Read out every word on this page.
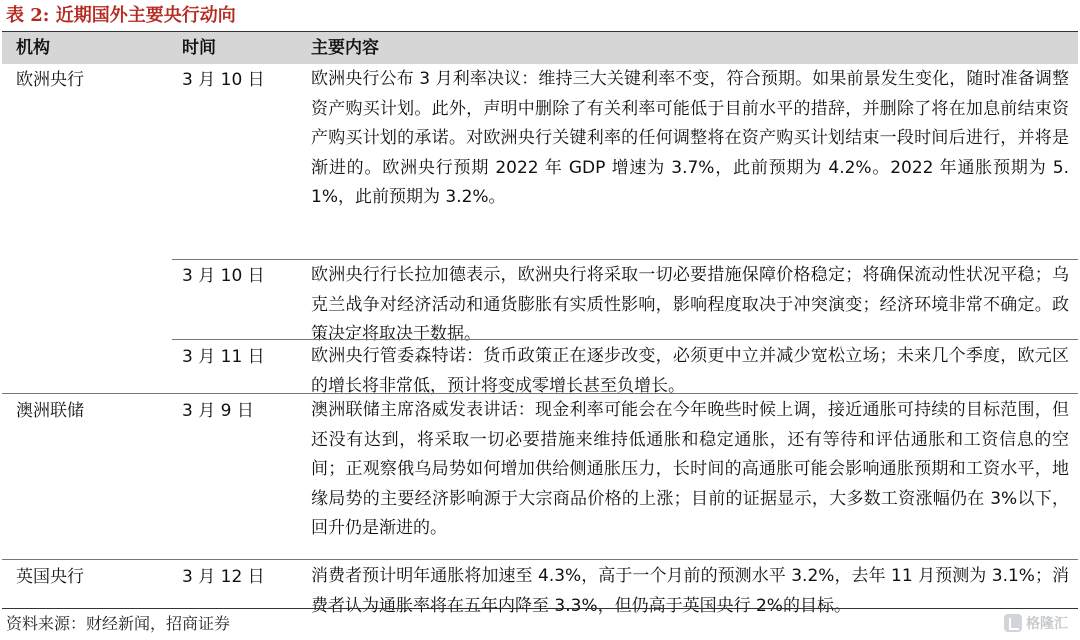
表 2: 近期国外主要央行动向
机构	时间	主要内容
欧洲央行	3 月 10 日	欧洲央行公布 3 月利率决议：维持三大关键利率不变，符合预期。如果前景发生变化，随时准备调整资产购买计划。此外，声明中删除了有关利率可能低于目前水平的措辞，并删除了将在加息前结束资产购买计划的承诺。对欧洲央行关键利率的任何调整将在资产购买计划结束一段时间后进行，并将是渐进的。欧洲央行预期 2022 年 GDP 增速为 3.7%，此前预期为 4.2%。2022 年通胀预期为 5.1%，此前预期为 3.2%。
3 月 10 日	欧洲央行行长拉加德表示，欧洲央行将采取一切必要措施保障价格稳定；将确保流动性状况平稳；乌克兰战争对经济活动和通货膨胀有实质性影响，影响程度取决于冲突演变；经济环境非常不确定。政策决定将取决于数据。
3 月 11 日	欧洲央行管委森特诺：货币政策正在逐步改变，必须更中立并减少宽松立场；未来几个季度，欧元区的增长将非常低，预计将变成零增长甚至负增长。
澳洲联储	3 月 9 日	澳洲联储主席洛威发表讲话：现金利率可能会在今年晚些时候上调，接近通胀可持续的目标范围，但还没有达到，将采取一切必要措施来维持低通胀和稳定通胀，还有等待和评估通胀和工资信息的空间；正观察俄乌局势如何增加供给侧通胀压力，长时间的高通胀可能会影响通胀预期和工资水平，地缘局势的主要经济影响源于大宗商品价格的上涨；目前的证据显示，大多数工资涨幅仍在 3%以下，回升仍是渐进的。
英国央行	3 月 12 日	消费者预计明年通胀将加速至 4.3%，高于一个月前的预测水平 3.2%，去年 11 月预测为 3.1%；消费者认为通胀率将在五年内降至 3.3%，但仍高于英国央行 2%的目标。
资料来源：财经新闻，招商证券	格隆汇
